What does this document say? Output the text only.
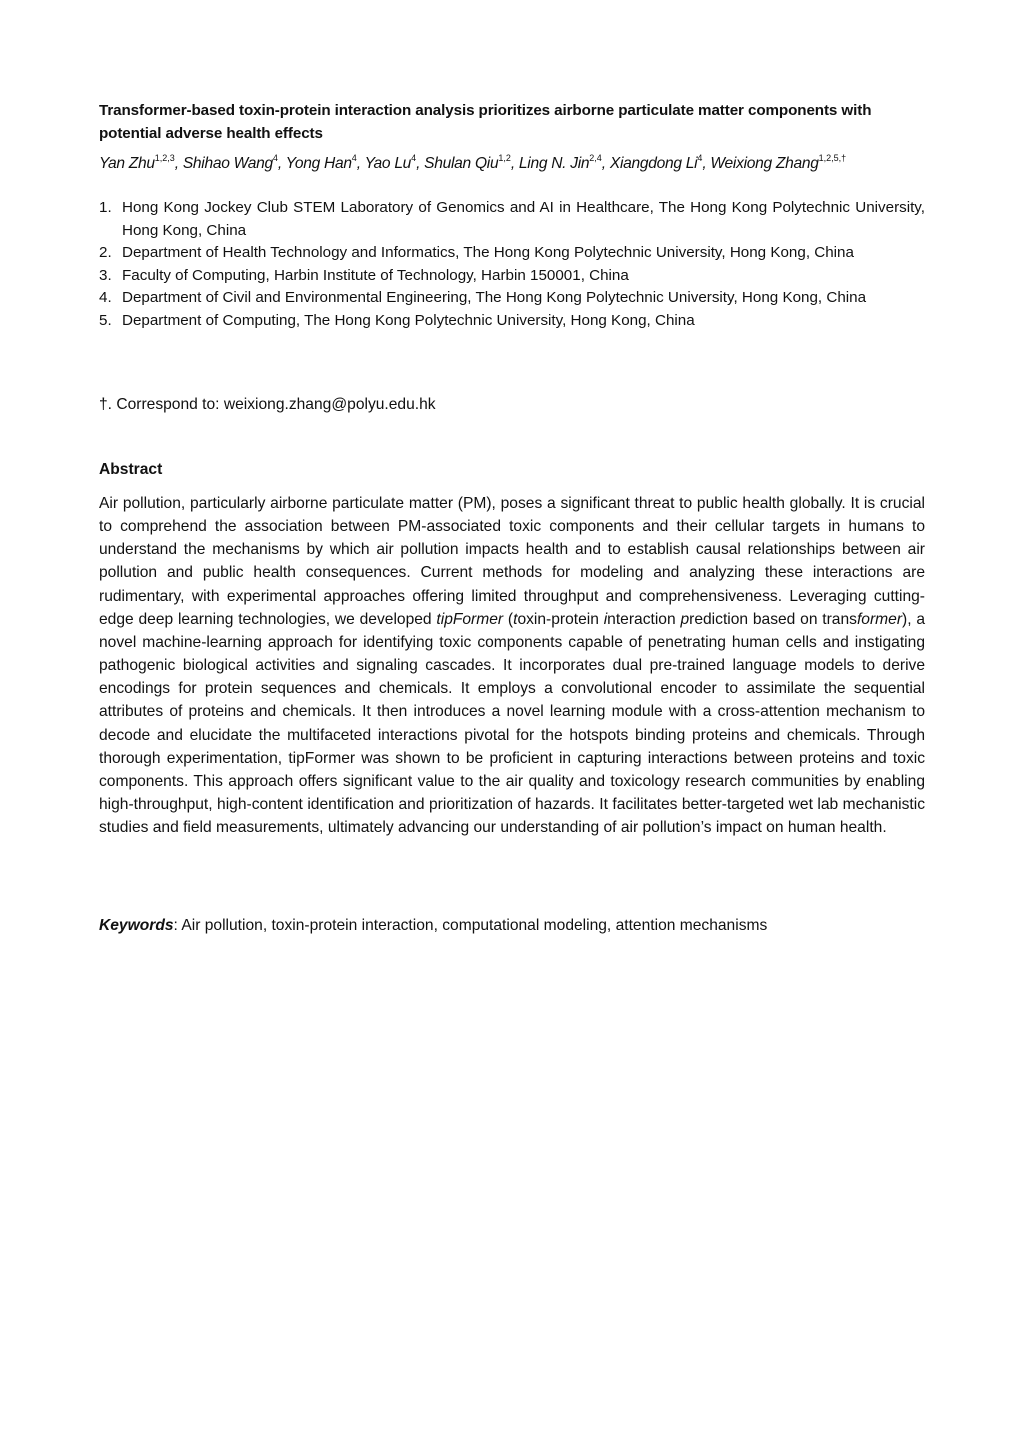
Transformer-based toxin-protein interaction analysis prioritizes airborne particulate matter components with potential adverse health effects
Yan Zhu$^{1,2,3}$, Shihao Wang$^4$, Yong Han$^4$, Yao Lu$^4$, Shulan Qiu$^{1,2}$, Ling N. Jin$^{2,4}$, Xiangdong Li$^4$, Weixiong Zhang$^{1,2,5,\dagger}$
1. Hong Kong Jockey Club STEM Laboratory of Genomics and AI in Healthcare, The Hong Kong Polytechnic University, Hong Kong, China
2. Department of Health Technology and Informatics, The Hong Kong Polytechnic University, Hong Kong, China
3. Faculty of Computing, Harbin Institute of Technology, Harbin 150001, China
4. Department of Civil and Environmental Engineering, The Hong Kong Polytechnic University, Hong Kong, China
5. Department of Computing, The Hong Kong Polytechnic University, Hong Kong, China
†. Correspond to: weixiong.zhang@polyu.edu.hk
Abstract

Air pollution, particularly airborne particulate matter (PM), poses a significant threat to public health globally. It is crucial to comprehend the association between PM-associated toxic components and their cellular targets in humans to understand the mechanisms by which air pollution impacts health and to establish causal relationships between air pollution and public health consequences. Current methods for modeling and analyzing these interactions are rudimentary, with experimental approaches offering limited throughput and comprehensiveness. Leveraging cutting-edge deep learning technologies, we developed tipFormer (toxin-protein interaction prediction based on transformer), a novel machine-learning approach for identifying toxic components capable of penetrating human cells and instigating pathogenic biological activities and signaling cascades. It incorporates dual pre-trained language models to derive encodings for protein sequences and chemicals. It employs a convolutional encoder to assimilate the sequential attributes of proteins and chemicals. It then introduces a novel learning module with a cross-attention mechanism to decode and elucidate the multifaceted interactions pivotal for the hotspots binding proteins and chemicals. Through thorough experimentation, tipFormer was shown to be proficient in capturing interactions between proteins and toxic components. This approach offers significant value to the air quality and toxicology research communities by enabling high-throughput, high-content identification and prioritization of hazards. It facilitates better-targeted wet lab mechanistic studies and field measurements, ultimately advancing our understanding of air pollution’s impact on human health.

Keywords: Air pollution, toxin-protein interaction, computational modeling, attention mechanisms
